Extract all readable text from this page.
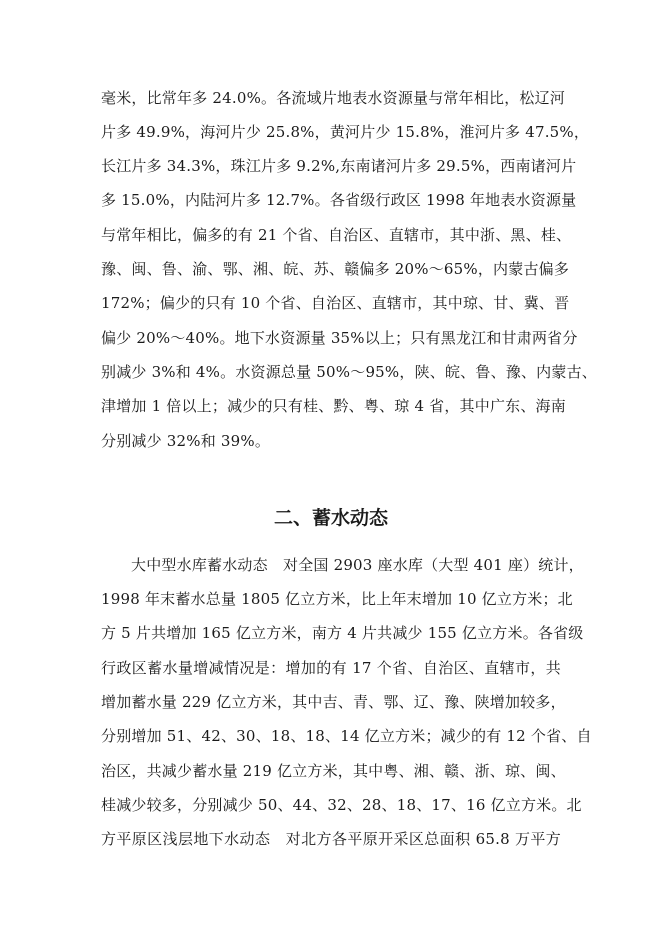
毫米，比常年多 24.0%。各流域片地表水资源量与常年相比，松辽河
片多 49.9%，海河片少 25.8%，黄河片少 15.8%，淮河片多 47.5%，
长江片多 34.3%，珠江片多 9.2%,东南诸河片多 29.5%，西南诸河片
多 15.0%，内陆河片多 12.7%。各省级行政区 1998 年地表水资源量
与常年相比，偏多的有 21 个省、自治区、直辖市，其中浙、黑、桂、
豫、闽、鲁、渝、鄂、湘、皖、苏、赣偏多 20%～65%，内蒙古偏多
172%；偏少的只有 10 个省、自治区、直辖市，其中琼、甘、冀、晋
偏少 20%～40%。地下水资源量 35%以上；只有黑龙江和甘肃两省分
别减少 3%和 4%。水资源总量 50%～95%，陕、皖、鲁、豫、内蒙古、
津增加 1 倍以上；减少的只有桂、黔、粤、琼 4 省，其中广东、海南
分别减少 32%和 39%。
二、蓄水动态
大中型水库蓄水动态　对全国 2903 座水库（大型 401 座）统计，
1998 年末蓄水总量 1805 亿立方米，比上年末增加 10 亿立方米；北
方 5 片共增加 165 亿立方米，南方 4 片共减少 155 亿立方米。各省级
行政区蓄水量增减情况是：增加的有 17 个省、自治区、直辖市，共
增加蓄水量 229 亿立方米，其中吉、青、鄂、辽、豫、陕增加较多，
分别增加 51、42、30、18、18、14 亿立方米；减少的有 12 个省、自
治区，共减少蓄水量 219 亿立方米，其中粤、湘、赣、浙、琼、闽、
桂减少较多，分别减少 50、44、32、28、18、17、16 亿立方米。北
方平原区浅层地下水动态　对北方各平原开采区总面积 65.8 万平方
